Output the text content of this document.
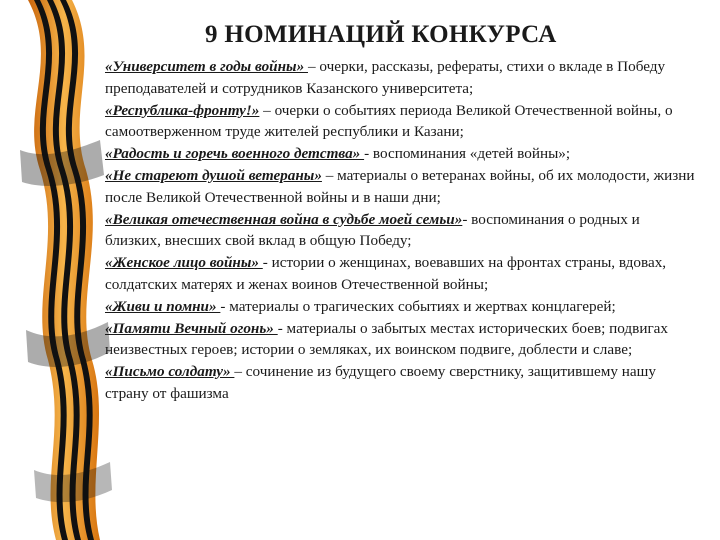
9 НОМИНАЦИЙ КОНКУРСА

«Университет в годы войны» – очерки, рассказы, рефераты, стихи о вкладе в Победу преподавателей и сотрудников Казанского университета;

«Республика-фронту!» – очерки о событиях периода Великой Отечественной войны, о самоотверженном труде жителей республики и Казани;

«Радость и горечь военного детства» - воспоминания «детей войны»;

«Не стареют душой ветераны» – материалы о ветеранах войны, об их молодости, жизни после Великой Отечественной войны и в наши дни;

«Великая отечественная война в судьбе моей семьи»- воспоминания о родных и близких, внесших свой вклад в общую Победу;

«Женское лицо войны» - истории о женщинах, воевавших на фронтах страны, вдовах, солдатских матерях и женах воинов Отечественной войны;

«Живи и помни» - материалы о трагических событиях и жертвах концлагерей;

«Памяти Вечный огонь» - материалы о забытых местах исторических боев; подвигах неизвестных героев; истории о земляках, их воинском подвиге, доблести и славе;

«Письмо солдату» – сочинение из будущего своему сверстнику, защитившему нашу страну от фашизма
